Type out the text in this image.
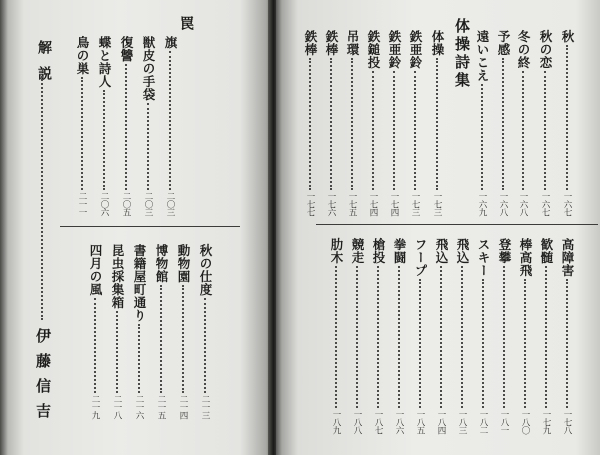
罠
旗
二〇三
獣皮の手袋
二〇三
復讐
二〇五
蝶と詩人
二〇六
鳥の巣
二一一
秋の仕度
二一三
動物園
二一四
博物館
二一五
書籍屋町通り
二一六
昆虫採集箱
二一八
四月の風
二一九
解説
伊藤信吉
秋
一六七
秋の恋
一六七
冬の終
一六八
予感
一六八
遠いこえ
一六九
体操詩集
体操
一七三
鉄亜鈴
一七三
鉄亜鈴
一七四
鉄鎚投
一七四
吊環
一七五
鉄棒
一七六
鉄棒
一七七
高障害
一七八
歓髄
一七九
棒高飛
一八〇
登攀
一八一
スキー
一八二
飛込
一八三
飛込
一八四
フープ
一八五
拳闘
一八六
槍投
一八七
競走
一八八
肋木
一八九
